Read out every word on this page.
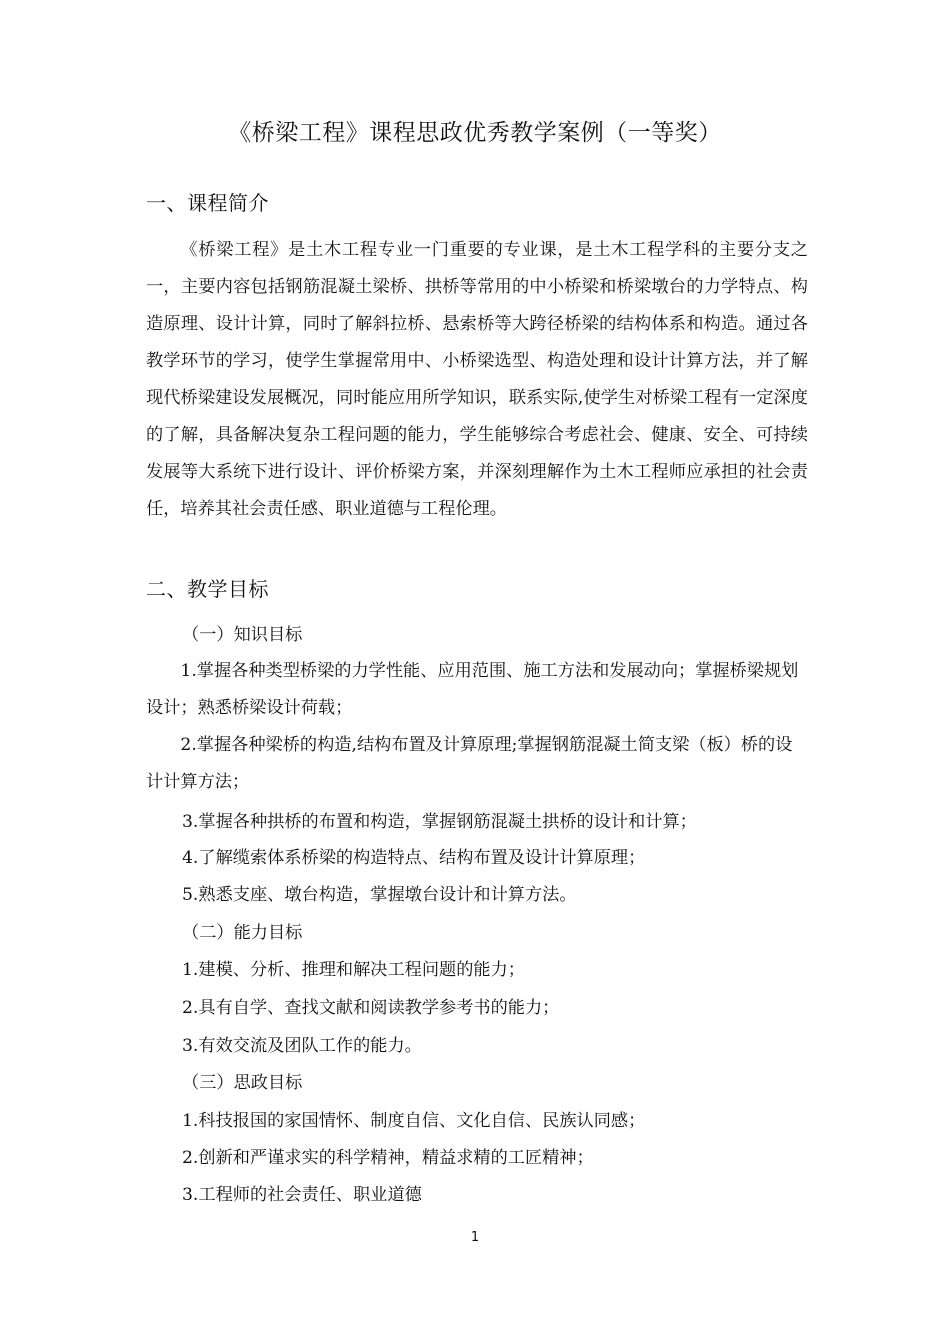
《桥梁工程》课程思政优秀教学案例（一等奖）
一、课程简介
《桥梁工程》是土木工程专业一门重要的专业课，是土木工程学科的主要分支之一，主要内容包括钢筋混凝土梁桥、拱桥等常用的中小桥梁和桥梁墩台的力学特点、构造原理、设计计算，同时了解斜拉桥、悬索桥等大跨径桥梁的结构体系和构造。通过各教学环节的学习，使学生掌握常用中、小桥梁选型、构造处理和设计计算方法，并了解现代桥梁建设发展概况，同时能应用所学知识，联系实际,使学生对桥梁工程有一定深度的了解，具备解决复杂工程问题的能力，学生能够综合考虑社会、健康、安全、可持续发展等大系统下进行设计、评价桥梁方案，并深刻理解作为土木工程师应承担的社会责任，培养其社会责任感、职业道德与工程伦理。
二、教学目标
（一）知识目标
1.掌握各种类型桥梁的力学性能、应用范围、施工方法和发展动向；掌握桥梁规划设计；熟悉桥梁设计荷载；
2.掌握各种梁桥的构造,结构布置及计算原理;掌握钢筋混凝土简支梁（板）桥的设计计算方法；
3.掌握各种拱桥的布置和构造，掌握钢筋混凝土拱桥的设计和计算；
4.了解缆索体系桥梁的构造特点、结构布置及设计计算原理；
5.熟悉支座、墩台构造，掌握墩台设计和计算方法。
（二）能力目标
1.建模、分析、推理和解决工程问题的能力；
2.具有自学、查找文献和阅读教学参考书的能力；
3.有效交流及团队工作的能力。
（三）思政目标
1.科技报国的家国情怀、制度自信、文化自信、民族认同感；
2.创新和严谨求实的科学精神，精益求精的工匠精神；
3.工程师的社会责任、职业道德
1
